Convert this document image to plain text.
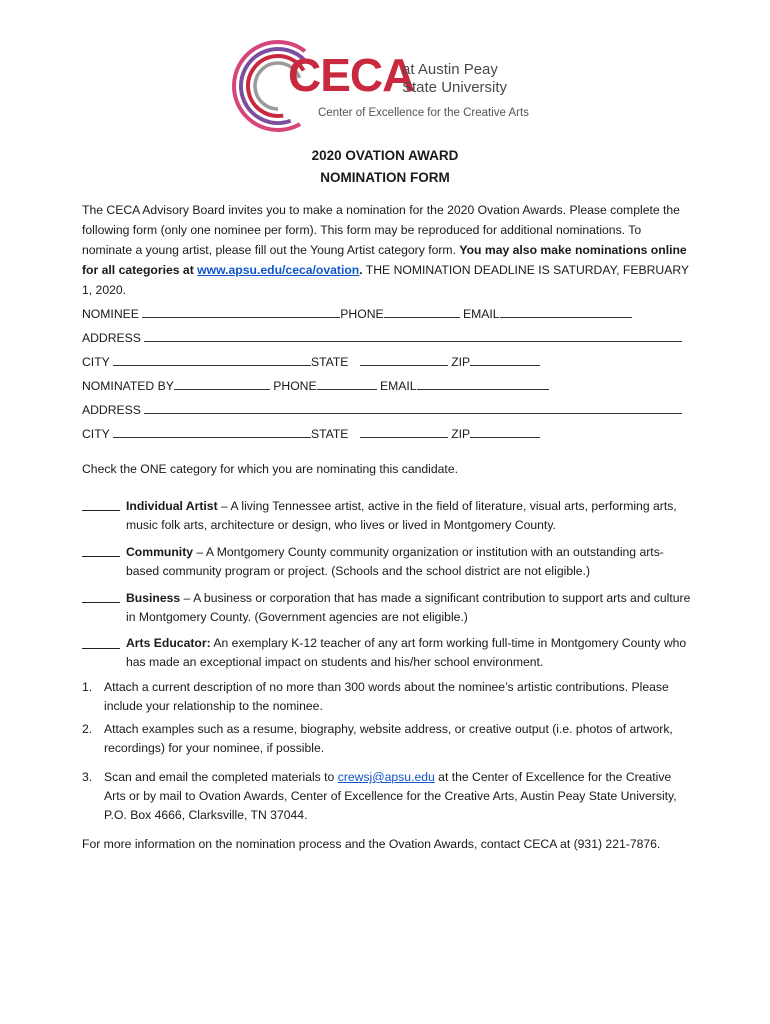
CECA
at Austin Peay
State University
Center of Excellence for the Creative Arts
2020 OVATION AWARD
NOMINATION FORM

The CECA Advisory Board invites you to make a nomination for the 2020 Ovation Awards. Please complete the following form (only one nominee per form). This form may be reproduced for additional nominations. To nominate a young artist, please fill out the Young Artist category form. You may also make nominations online for all categories at www.apsu.edu/ceca/ovation. THE NOMINATION DEADLINE IS SATURDAY, FEBRUARY 1, 2020.

NOMINEE	PHONE	EMAIL
ADDRESS
CITY	STATE	ZIP
NOMINATED BY	PHONE	EMAIL
ADDRESS
CITY	STATE	ZIP
Check the ONE category for which you are nominating this candidate.

Individual Artist – A living Tennessee artist, active in the field of literature, visual arts, performing arts, music folk arts, architecture or design, who lives or lived in Montgomery County.

Community – A Montgomery County community organization or institution with an outstanding arts-based community program or project. (Schools and the school district are not eligible.)

Business – A business or corporation that has made a significant contribution to support arts and culture in Montgomery County. (Government agencies are not eligible.)

Arts Educator: An exemplary K-12 teacher of any art form working full-time in Montgomery County who has made an exceptional impact on students and his/her school environment.

1. Attach a current description of no more than 300 words about the nominee’s artistic contributions. Please include your relationship to the nominee.

2. Attach examples such as a resume, biography, website address, or creative output (i.e. photos of artwork, recordings) for your nominee, if possible.

3. Scan and email the completed materials to crewsj@apsu.edu at the Center of Excellence for the Creative Arts or by mail to Ovation Awards, Center of Excellence for the Creative Arts, Austin Peay State University, P.O. Box 4666, Clarksville, TN 37044.

For more information on the nomination process and the Ovation Awards, contact CECA at (931) 221-7876.
